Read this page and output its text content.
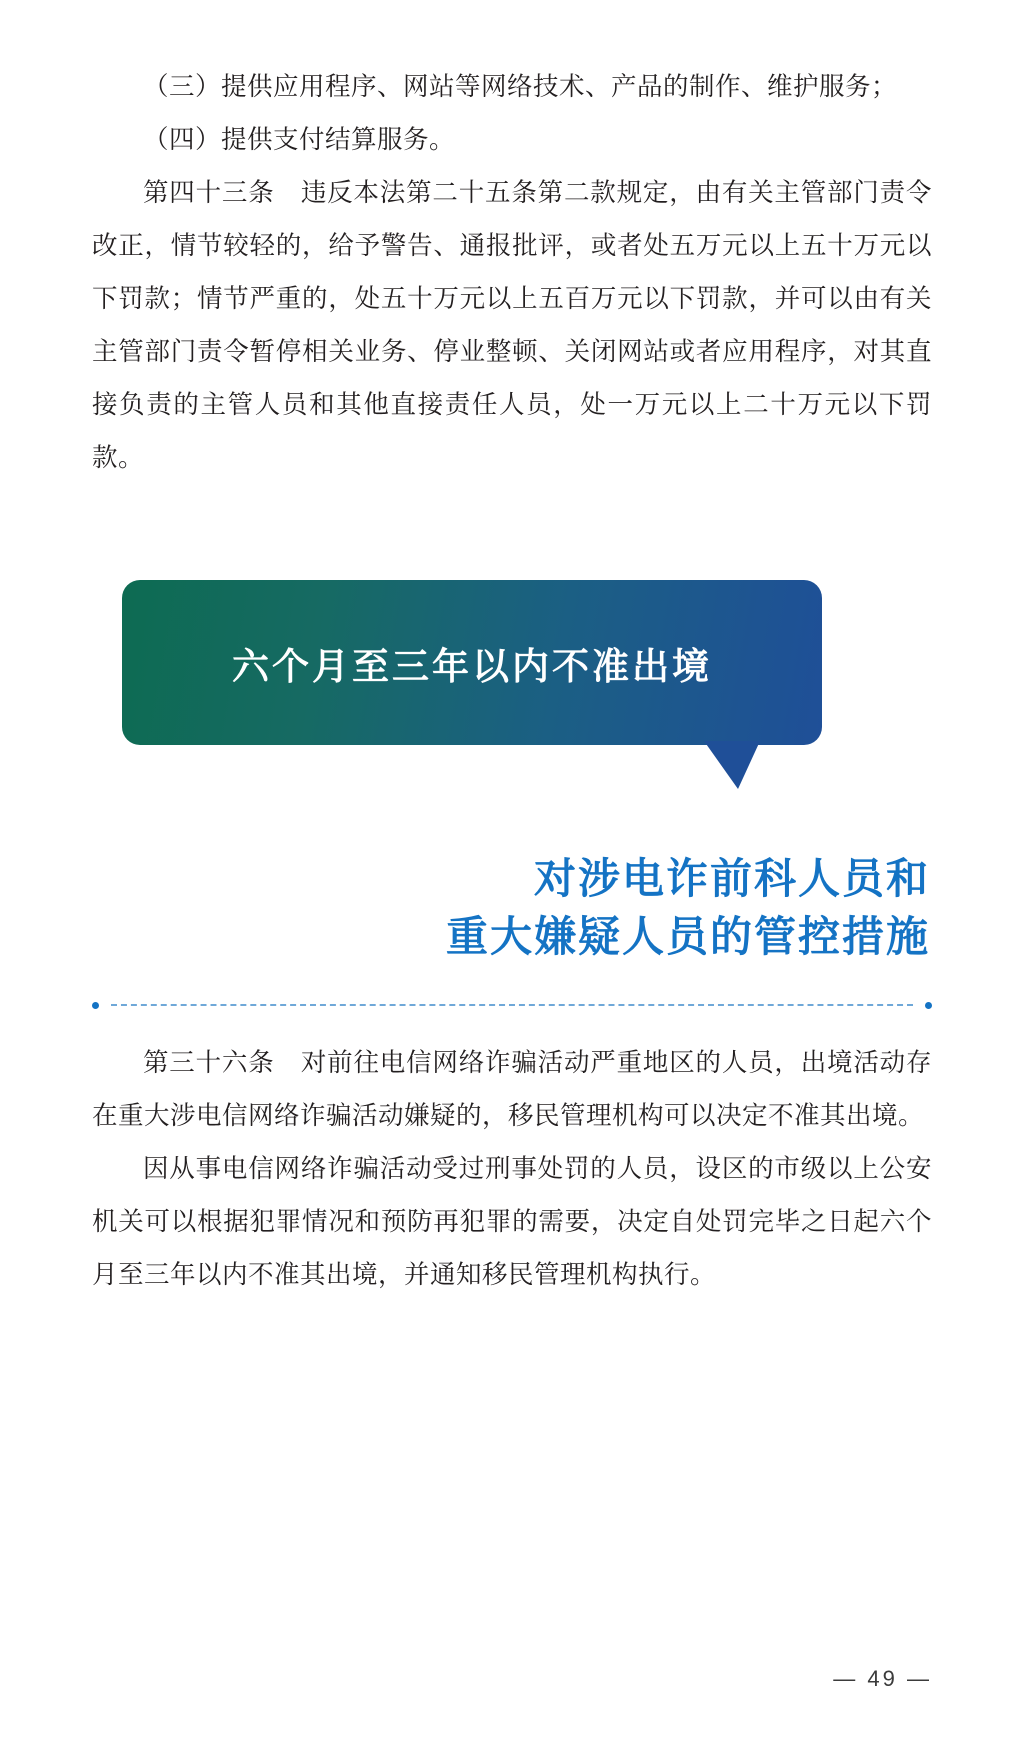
（三）提供应用程序、网站等网络技术、产品的制作、维护服务；

（四）提供支付结算服务。

第四十三条　违反本法第二十五条第二款规定，由有关主管部门责令改正，情节较轻的，给予警告、通报批评，或者处五万元以上五十万元以下罚款；情节严重的，处五十万元以上五百万元以下罚款，并可以由有关主管部门责令暂停相关业务、停业整顿、关闭网站或者应用程序，对其直接负责的主管人员和其他直接责任人员，处一万元以上二十万元以下罚款。

六个月至三年以内不准出境
对涉电诈前科人员和
重大嫌疑人员的管控措施

第三十六条　对前往电信网络诈骗活动严重地区的人员，出境活动存在重大涉电信网络诈骗活动嫌疑的，移民管理机构可以决定不准其出境。

因从事电信网络诈骗活动受过刑事处罚的人员，设区的市级以上公安机关可以根据犯罪情况和预防再犯罪的需要，决定自处罚完毕之日起六个月至三年以内不准其出境，并通知移民管理机构执行。

— 49 —
